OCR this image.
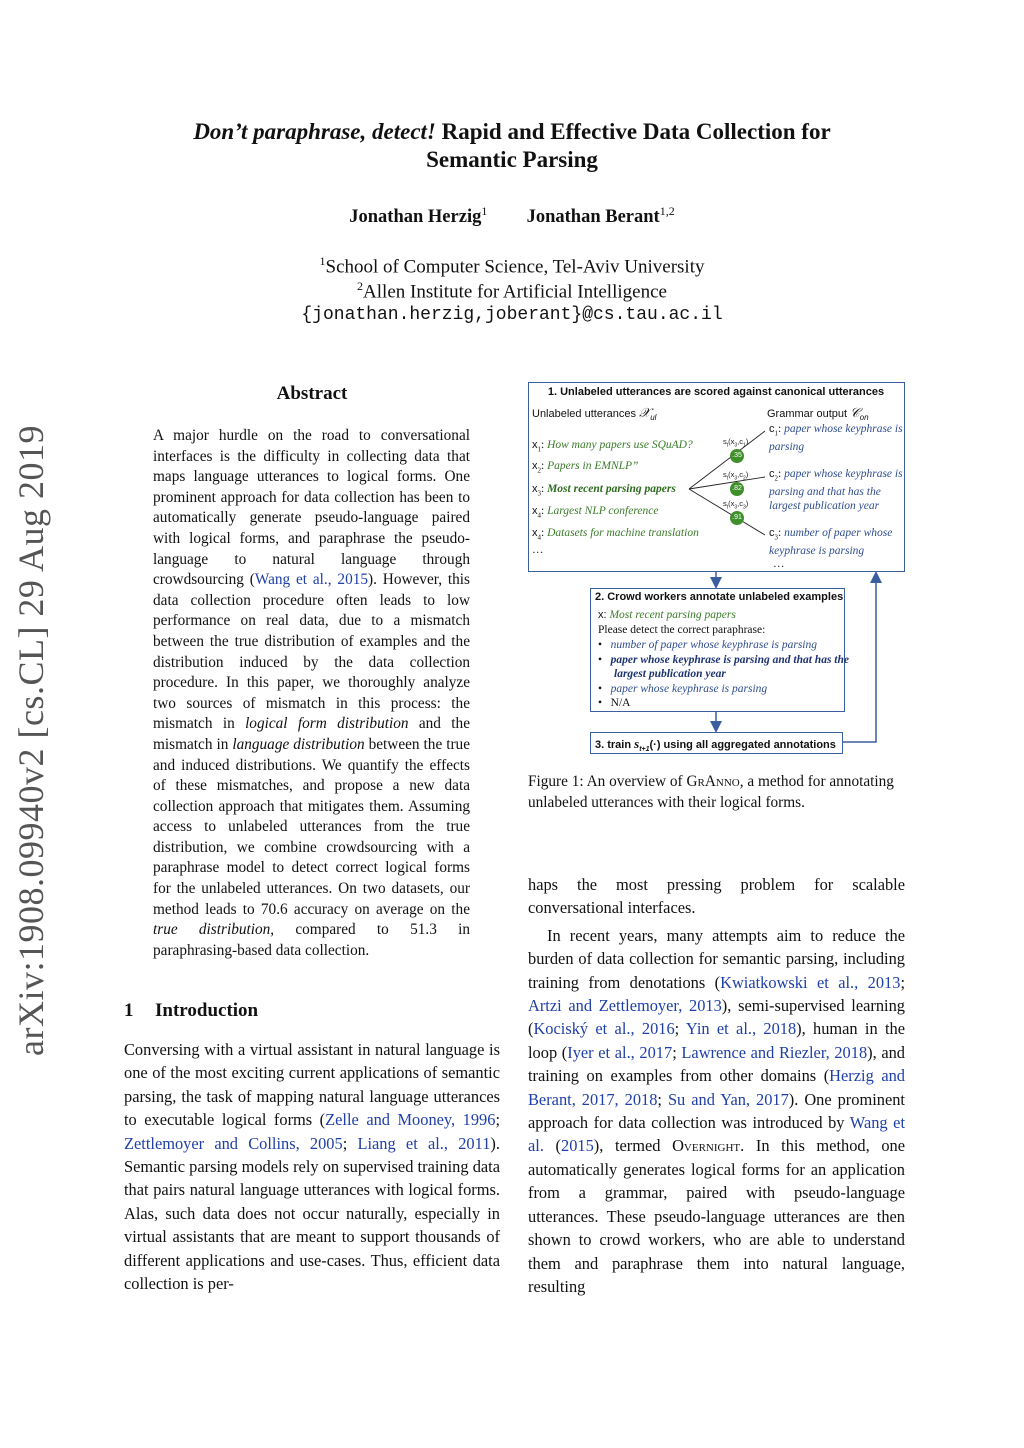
arXiv:1908.09940v2 [cs.CL] 29 Aug 2019
Don’t paraphrase, detect! Rapid and Effective Data Collection for
Semantic Parsing
Jonathan Herzig$^1$ Jonathan Berant$^{1,2}$
$^1$School of Computer Science, Tel-Aviv University
$^2$Allen Institute for Artificial Intelligence
{jonathan.herzig,joberant}@cs.tau.ac.il
Abstract
A major hurdle on the road to conversational interfaces is the difficulty in collecting data that maps language utterances to logical forms. One prominent approach for data collection has been to automatically generate pseudo-language paired with logical forms, and paraphrase the pseudo-language to natural language through crowdsourcing (Wang et al., 2015). However, this data collection procedure often leads to low performance on real data, due to a mismatch between the true distribution of examples and the distribution induced by the data collection procedure. In this paper, we thoroughly analyze two sources of mismatch in this process: the mismatch in logical form distribution and the mismatch in language distribution between the true and induced distributions. We quantify the effects of these mismatches, and propose a new data collection approach that mitigates them. Assuming access to unlabeled utterances from the true distribution, we combine crowdsourcing with a paraphrase model to detect correct logical forms for the unlabeled utterances. On two datasets, our method leads to 70.6 accuracy on average on the true distribution, compared to 51.3 in paraphrasing-based data collection.
1 Introduction
Conversing with a virtual assistant in natural language is one of the most exciting current applications of semantic parsing, the task of mapping natural language utterances to executable logical forms (Zelle and Mooney, 1996; Zettlemoyer and Collins, 2005; Liang et al., 2011). Semantic parsing models rely on supervised training data that pairs natural language utterances with logical forms. Alas, such data does not occur naturally, especially in virtual assistants that are meant to support thousands of different applications and use-cases. Thus, efficient data collection is per-

haps the most pressing problem for scalable conversational interfaces.

In recent years, many attempts aim to reduce the burden of data collection for semantic parsing, including training from denotations (Kwiatkowski et al., 2013; Artzi and Zettlemoyer, 2013), semi-supervised learning (Kociský et al., 2016; Yin et al., 2018), human in the loop (Iyer et al., 2017; Lawrence and Riezler, 2018), and training on examples from other domains (Herzig and Berant, 2017, 2018; Su and Yan, 2017). One prominent approach for data collection was introduced by Wang et al. (2015), termed Overnight. In this method, one automatically generates logical forms for an application from a grammar, paired with pseudo-language utterances. These pseudo-language utterances are then shown to crowd workers, who are able to understand them and paraphrase them into natural language, resulting

1. Unlabeled utterances are scored against canonical utterances
Unlabeled utterances 𝒳$_{ul}$	Grammar output 𝒞$_{on}$
$x_1$: How many papers use SQuAD?
$x_2$: Papers in EMNLP”
$x_3$: Most recent parsing papers
$x_4$: Largest NLP conference
$x_4$: Datasets for machine translation
…
$c_1$: paper whose keyphrase is parsing
$c_2$: paper whose keyphrase is parsing and that has the largest publication year
$c_3$: number of paper whose keyphrase is parsing
…
$s_t(x_3,c_1)$
.35
$s_t(x_3,c_2)$
.82
$s_t(x_3,c_3)$
.91
2. Crowd workers annotate unlabeled examples
x: Most recent parsing papers
Please detect the correct paraphrase:
• number of paper whose keyphrase is parsing
• paper whose keyphrase is parsing and that has the largest publication year
• paper whose keyphrase is parsing
• N/A
3. train $s_{t+1}(\cdot)$ using all aggregated annotations
Figure 1: An overview of GrAnno, a method for annotating unlabeled utterances with their logical forms.
